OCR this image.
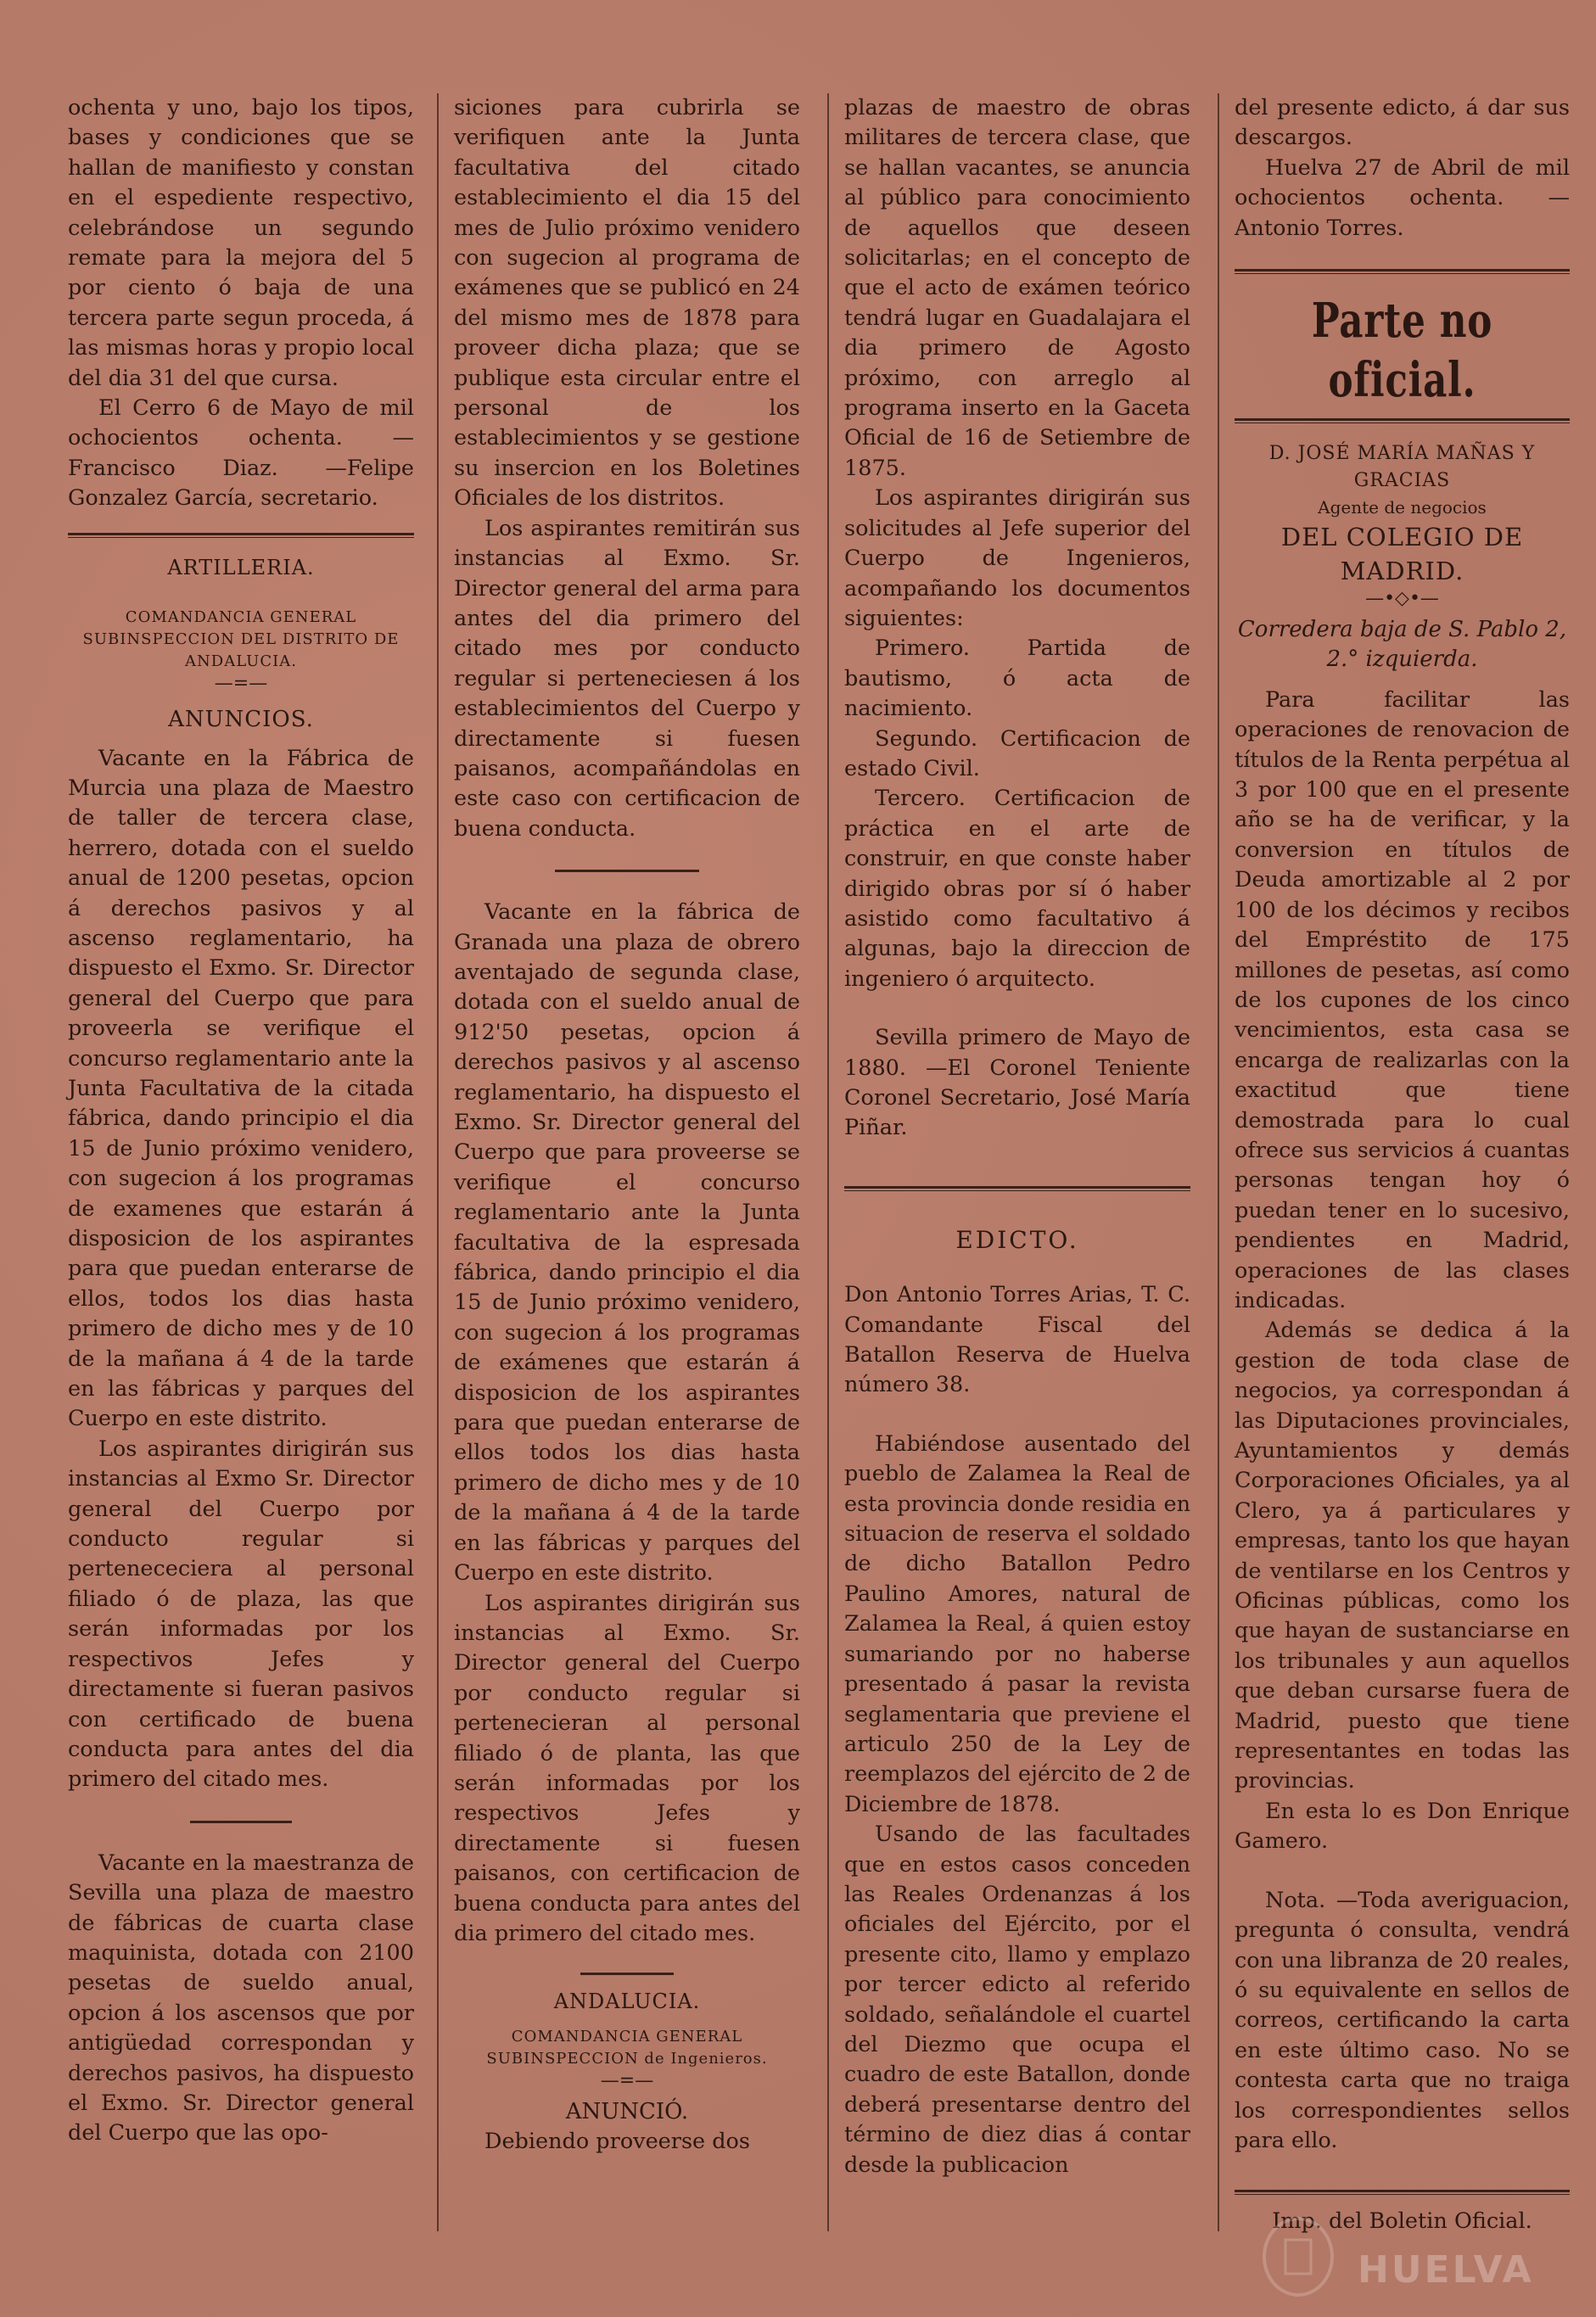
ochenta y uno, bajo los tipos, bases y condiciones que se hallan de manifiesto y constan en el espediente respectivo, celebrándose un segundo remate para la mejora del 5 por ciento ó baja de una tercera parte segun proceda, á las mismas horas y propio local del dia 31 del que cursa.

El Cerro 6 de Mayo de mil ochocientos ochenta. —Francisco Diaz. —Felipe Gonzalez García, secretario.

ARTILLERIA.

COMANDANCIA GENERAL SUBINSPECCION DEL DISTRITO DE ANDALUCIA.

—=—

ANUNCIOS.

Vacante en la Fábrica de Murcia una plaza de Maestro de taller de tercera clase, herrero, dotada con el sueldo anual de 1200 pesetas, opcion á derechos pasivos y al ascenso reglamentario, ha dispuesto el Exmo. Sr. Director general del Cuerpo que para proveerla se verifique el concurso reglamentario ante la Junta Facultativa de la citada fábrica, dando principio el dia 15 de Junio próximo venidero, con sugecion á los programas de examenes que estarán á disposicion de los aspirantes para que puedan enterarse de ellos, todos los dias hasta primero de dicho mes y de 10 de la mañana á 4 de la tarde en las fábricas y parques del Cuerpo en este distrito.

Los aspirantes dirigirán sus instancias al Exmo Sr. Director general del Cuerpo por conducto regular si pertenececiera al personal filiado ó de plaza, las que serán informadas por los respectivos Jefes y directamente si fueran pasivos con certificado de buena conducta para antes del dia primero del citado mes.

Vacante en la maestranza de Sevilla una plaza de maestro de fábricas de cuarta clase maquinista, dotada con 2100 pesetas de sueldo anual, opcion á los ascensos que por antigüedad correspondan y derechos pasivos, ha dispuesto el Exmo. Sr. Director general del Cuerpo que las opo-

siciones para cubrirla se verifiquen ante la Junta facultativa del citado establecimiento el dia 15 del mes de Julio próximo venidero con sugecion al programa de exámenes que se publicó en 24 del mismo mes de 1878 para proveer dicha plaza; que se publique esta circular entre el personal de los establecimientos y se gestione su insercion en los Boletines Oficiales de los distritos.

Los aspirantes remitirán sus instancias al Exmo. Sr. Director general del arma para antes del dia primero del citado mes por conducto regular si perteneciesen á los establecimientos del Cuerpo y directamente si fuesen paisanos, acompañándolas en este caso con certificacion de buena conducta.

Vacante en la fábrica de Granada una plaza de obrero aventajado de segunda clase, dotada con el sueldo anual de 912'50 pesetas, opcion á derechos pasivos y al ascenso reglamentario, ha dispuesto el Exmo. Sr. Director general del Cuerpo que para proveerse se verifique el concurso reglamentario ante la Junta facultativa de la espresada fábrica, dando principio el dia 15 de Junio próximo venidero, con sugecion á los programas de exámenes que estarán á disposicion de los aspirantes para que puedan enterarse de ellos todos los dias hasta primero de dicho mes y de 10 de la mañana á 4 de la tarde en las fábricas y parques del Cuerpo en este distrito.

Los aspirantes dirigirán sus instancias al Exmo. Sr. Director general del Cuerpo por conducto regular si pertenecieran al personal filiado ó de planta, las que serán informadas por los respectivos Jefes y directamente si fuesen paisanos, con certificacion de buena conducta para antes del dia primero del citado mes.

ANDALUCIA.

COMANDANCIA GENERAL SUBINSPECCION de Ingenieros.

—=—

ANUNCIÓ.

Debiendo proveerse dos

plazas de maestro de obras militares de tercera clase, que se hallan vacantes, se anuncia al público para conocimiento de aquellos que deseen solicitarlas; en el concepto de que el acto de exámen teórico tendrá lugar en Guadalajara el dia primero de Agosto próximo, con arreglo al programa inserto en la Gaceta Oficial de 16 de Setiembre de 1875.

Los aspirantes dirigirán sus solicitudes al Jefe superior del Cuerpo de Ingenieros, acompañando los documentos siguientes:

Primero. Partida de bautismo, ó acta de nacimiento.

Segundo. Certificacion de estado Civil.

Tercero. Certificacion de práctica en el arte de construir, en que conste haber dirigido obras por sí ó haber asistido como facultativo á algunas, bajo la direccion de ingeniero ó arquitecto.

Sevilla primero de Mayo de 1880. —El Coronel Teniente Coronel Secretario, José María Piñar.

EDICTO.

Don Antonio Torres Arias, T. C. Comandante Fiscal del Batallon Reserva de Huelva número 38.

Habiéndose ausentado del pueblo de Zalamea la Real de esta provincia donde residia en situacion de reserva el soldado de dicho Batallon Pedro Paulino Amores, natural de Zalamea la Real, á quien estoy sumariando por no haberse presentado á pasar la revista seglamentaria que previene el articulo 250 de la Ley de reemplazos del ejército de 2 de Diciembre de 1878.

Usando de las facultades que en estos casos conceden las Reales Ordenanzas á los oficiales del Ejército, por el presente cito, llamo y emplazo por tercer edicto al referido soldado, señalándole el cuartel del Diezmo que ocupa el cuadro de este Batallon, donde deberá presentarse dentro del término de diez dias á contar desde la publicacion

del presente edicto, á dar sus descargos.

Huelva 27 de Abril de mil ochocientos ochenta. —Antonio Torres.

Parte no oficial.

D. JOSÉ MARÍA MAÑAS Y GRACIAS

Agente de negocios

DEL COLEGIO DE MADRID.

—•◇•—

Corredera baja de S. Pablo 2, 2.° izquierda.

Para facilitar las operaciones de renovacion de títulos de la Renta perpétua al 3 por 100 que en el presente año se ha de verificar, y la conversion en títulos de Deuda amortizable al 2 por 100 de los décimos y recibos del Empréstito de 175 millones de pesetas, así como de los cupones de los cinco vencimientos, esta casa se encarga de realizarlas con la exactitud que tiene demostrada para lo cual ofrece sus servicios á cuantas personas tengan hoy ó puedan tener en lo sucesivo, pendientes en Madrid, operaciones de las clases indicadas.

Además se dedica á la gestion de toda clase de negocios, ya correspondan á las Diputaciones provinciales, Ayuntamientos y demás Corporaciones Oficiales, ya al Clero, ya á particulares y empresas, tanto los que hayan de ventilarse en los Centros y Oficinas públicas, como los que hayan de sustanciarse en los tribunales y aun aquellos que deban cursarse fuera de Madrid, puesto que tiene representantes en todas las provincias.

En esta lo es Don Enrique Gamero.

Nota. —Toda averiguacion, pregunta ó consulta, vendrá con una libranza de 20 reales, ó su equivalente en sellos de correos, certificando la carta en este último caso. No se contesta carta que no traiga los correspondientes sellos para ello.

Imp. del Boletin Oficial.

HUELVA
